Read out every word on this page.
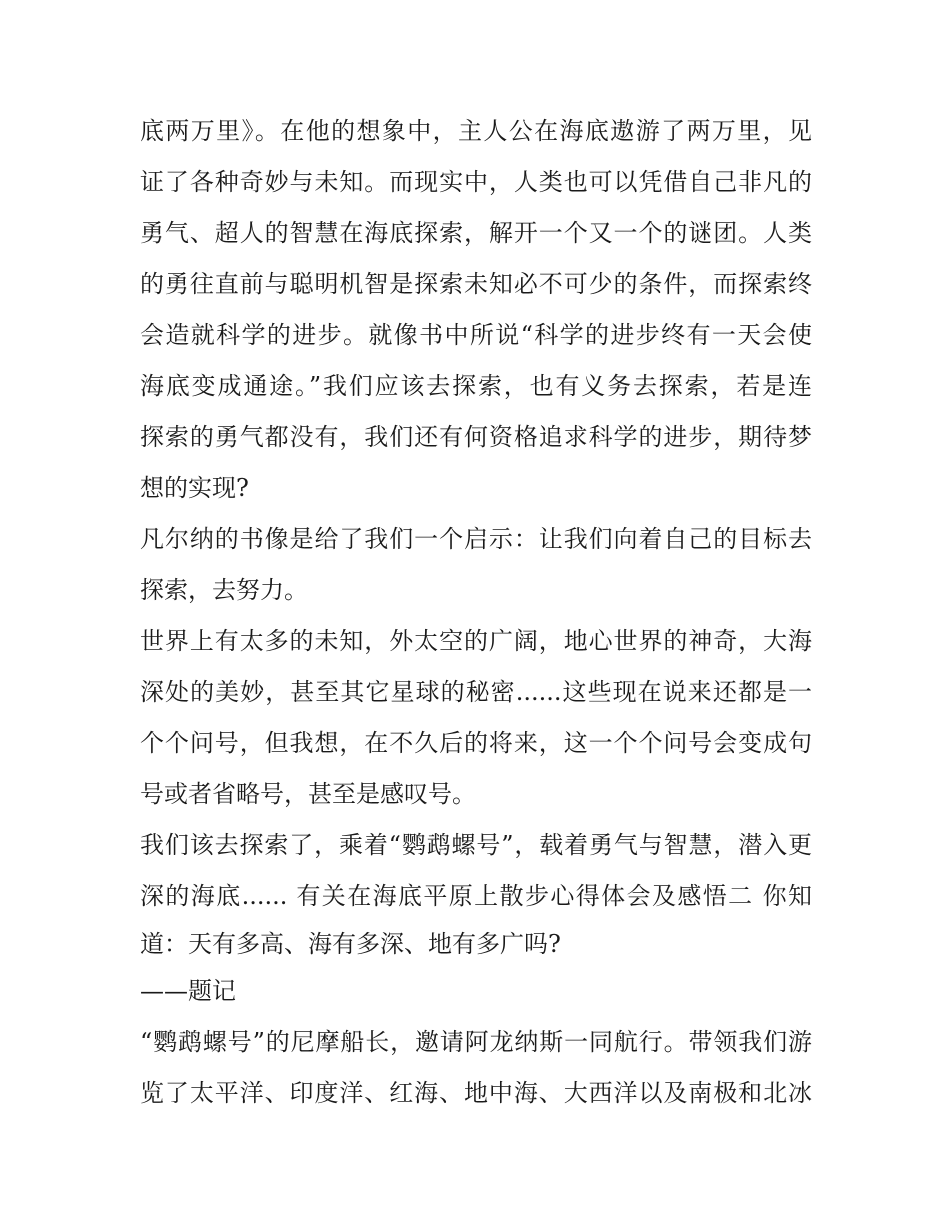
底两万里》。在他的想象中，主人公在海底遨游了两万里，见
证了各种奇妙与未知。而现实中，人类也可以凭借自己非凡的
勇气、超人的智慧在海底探索，解开一个又一个的谜团。人类
的勇往直前与聪明机智是探索未知必不可少的条件，而探索终
会造就科学的进步。就像书中所说“科学的进步终有一天会使
海底变成通途。”我们应该去探索，也有义务去探索，若是连
探索的勇气都没有，我们还有何资格追求科学的进步，期待梦
想的实现?
凡尔纳的书像是给了我们一个启示：让我们向着自己的目标去
探索，去努力。
世界上有太多的未知，外太空的广阔，地心世界的神奇，大海
深处的美妙，甚至其它星球的秘密......这些现在说来还都是一
个个问号，但我想，在不久后的将来，这一个个问号会变成句
号或者省略号，甚至是感叹号。
我们该去探索了，乘着“鹦鹉螺号”，载着勇气与智慧，潜入更
深的海底...... 有关在海底平原上散步心得体会及感悟二 你知
道：天有多高、海有多深、地有多广吗?
——题记
“鹦鹉螺号”的尼摩船长，邀请阿龙纳斯一同航行。带领我们游
览了太平洋、印度洋、红海、地中海、大西洋以及南极和北冰
